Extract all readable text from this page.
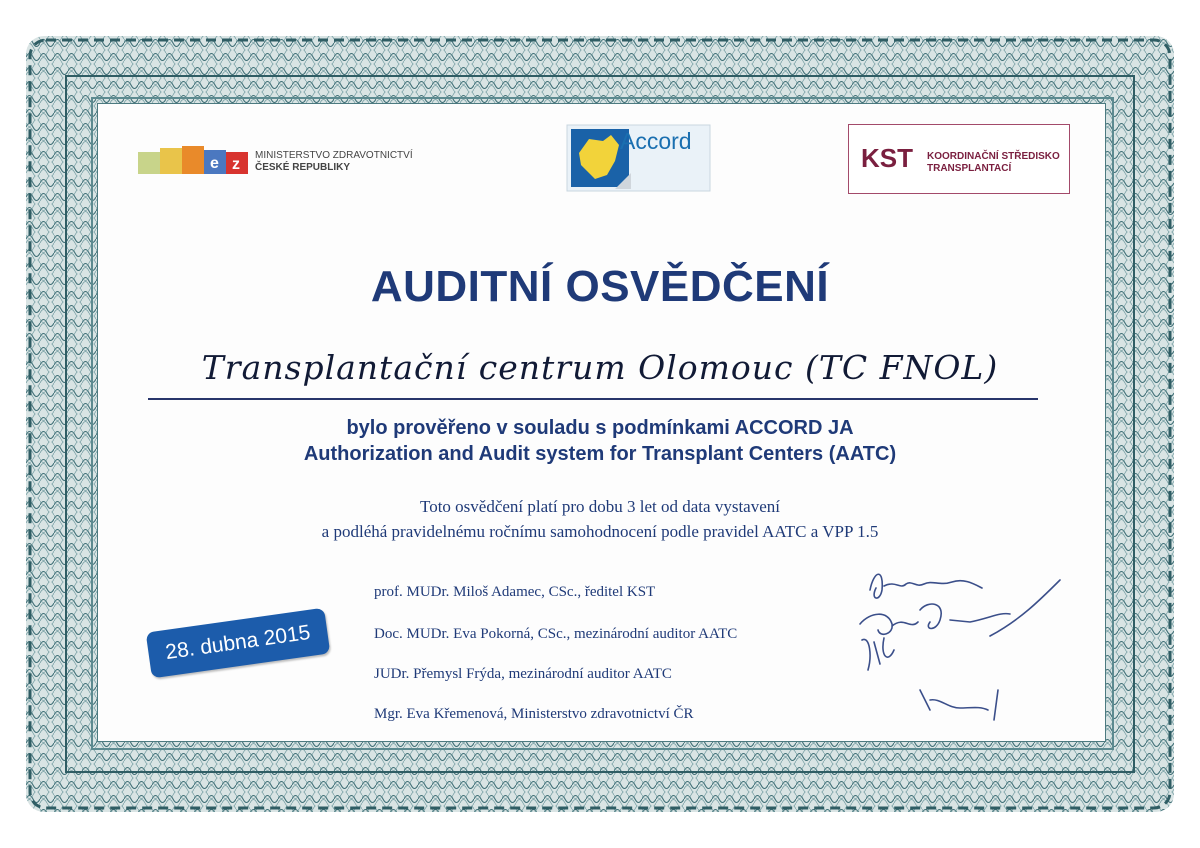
e z
MINISTERSTVO ZDRAVOTNICTVÍ
ČESKÉ REPUBLIKY
Accord
KST KOORDINAČNÍ STŘEDISKO
TRANSPLANTACÍ
AUDITNÍ OSVĚDČENÍ
Transplantační centrum Olomouc (TC FNOL)
bylo prověřeno v souladu s podmínkami ACCORD JA
Authorization and Audit system for Transplant Centers (AATC)
Toto osvědčení platí pro dobu 3 let od data vystavení
a podléhá pravidelnému ročnímu samohodnocení podle pravidel AATC a VPP 1.5
prof. MUDr. Miloš Adamec, CSc., ředitel KST
Doc. MUDr. Eva Pokorná, CSc., mezinárodní auditor AATC
JUDr. Přemysl Frýda, mezinárodní auditor AATC
Mgr. Eva Křemenová, Ministerstvo zdravotnictví ČR
28. dubna 2015
